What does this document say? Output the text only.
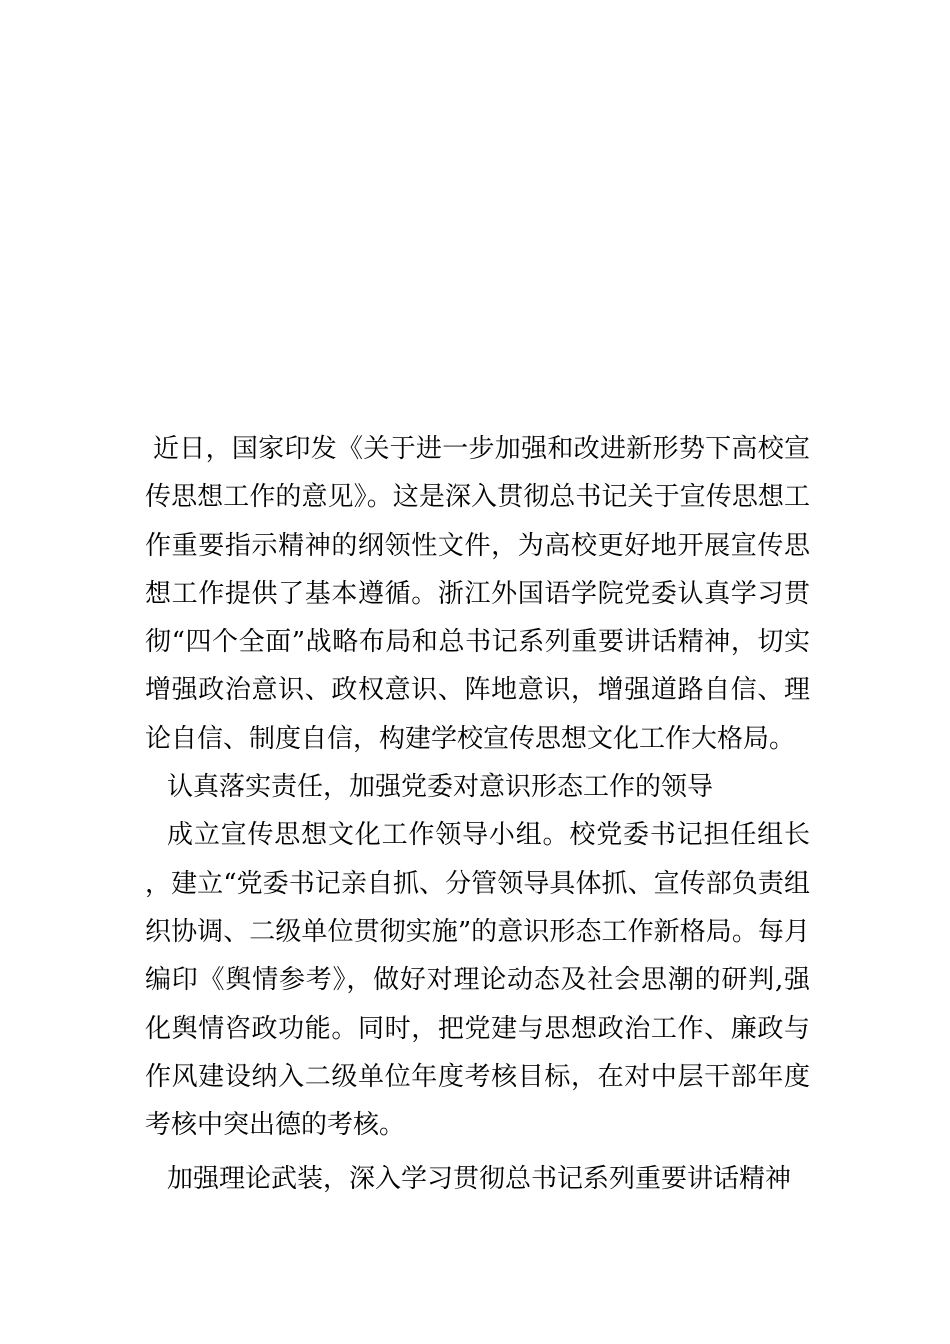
近日，国家印发《关于进一步加强和改进新形势下高校宣传思想工作的意见》。这是深入贯彻总书记关于宣传思想工作重要指示精神的纲领性文件，为高校更好地开展宣传思想工作提供了基本遵循。浙江外国语学院党委认真学习贯彻“四个全面”战略布局和总书记系列重要讲话精神，切实增强政治意识、政权意识、阵地意识，增强道路自信、理论自信、制度自信，构建学校宣传思想文化工作大格局。

认真落实责任，加强党委对意识形态工作的领导

成立宣传思想文化工作领导小组。校党委书记担任组长，建立“党委书记亲自抓、分管领导具体抓、宣传部负责组织协调、二级单位贯彻实施”的意识形态工作新格局。每月编印《舆情参考》，做好对理论动态及社会思潮的研判,强化舆情咨政功能。同时，把党建与思想政治工作、廉政与作风建设纳入二级单位年度考核目标，在对中层干部年度考核中突出德的考核。

加强理论武装，深入学习贯彻总书记系列重要讲话精神
